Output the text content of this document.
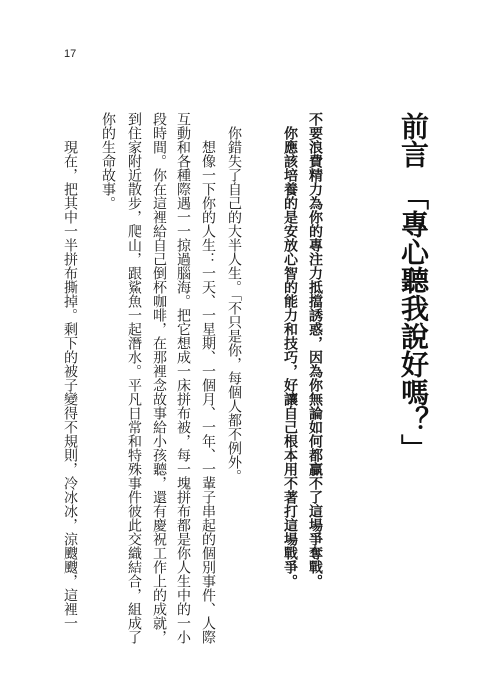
17
前言　「專心聽我說好嗎？」
不要浪費精力為你的專注力抵擋誘惑，因為你無論如何都贏不了這場爭奪戰。
你應該培養的是安放心智的能力和技巧，好讓自己根本用不著打這場戰爭。
你錯失了自己的大半人生。「不只是你，每個人都不例外。
想像一下你的人生：一天、一星期、一個月、一年、一輩子串起的個別事件、人際
互動和各種際遇一一掠過腦海。把它想成一床拼布被，每一塊拼布都是你人生中的一小
段時間。你在這裡給自己倒杯咖啡，在那裡念故事給小孩聽，還有慶祝工作上的成就，
到住家附近散步，爬山，跟鯊魚一起潛水。平凡日常和特殊事件彼此交織結合，組成了
你的生命故事。
現在，把其中一半拼布撕掉。剩下的被子變得不規則，冷冰冰，涼颼颼，這裡一
